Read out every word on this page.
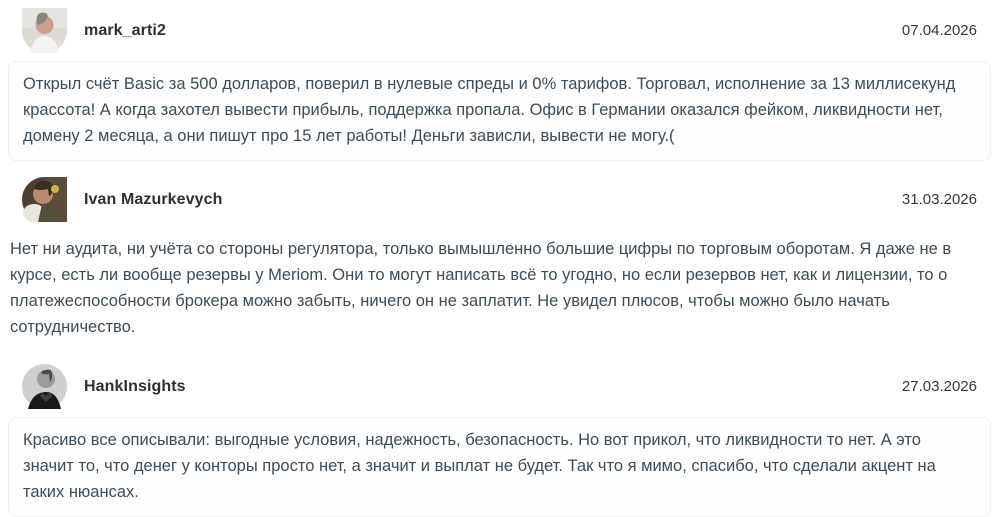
mark_arti2	07.04.2026
Открыл счёт Basic за 500 долларов, поверил в нулевые спреды и 0% тарифов. Торговал, исполнение за 13 миллисекунд крассота! А когда захотел вывести прибыль, поддержка пропала. Офис в Германии оказался фейком, ликвидности нет, домену 2 месяца, а они пишут про 15 лет работы! Деньги зависли, вывести не могу.(
Ivan Mazurkevych	31.03.2026
Нет ни аудита, ни учёта со стороны регулятора, только вымышленно большие цифры по торговым оборотам. Я даже не в курсе, есть ли вообще резервы у Meriom. Они то могут написать всё то угодно, но если резервов нет, как и лицензии, то о платежеспособности брокера можно забыть, ничего он не заплатит. Не увидел плюсов, чтобы можно было начать сотрудничество.
HankInsights	27.03.2026
Красиво все описывали: выгодные условия, надежность, безопасность. Но вот прикол, что ликвидности то нет. А это значит то, что денег у конторы просто нет, а значит и выплат не будет. Так что я мимо, спасибо, что сделали акцент на таких нюансах.
